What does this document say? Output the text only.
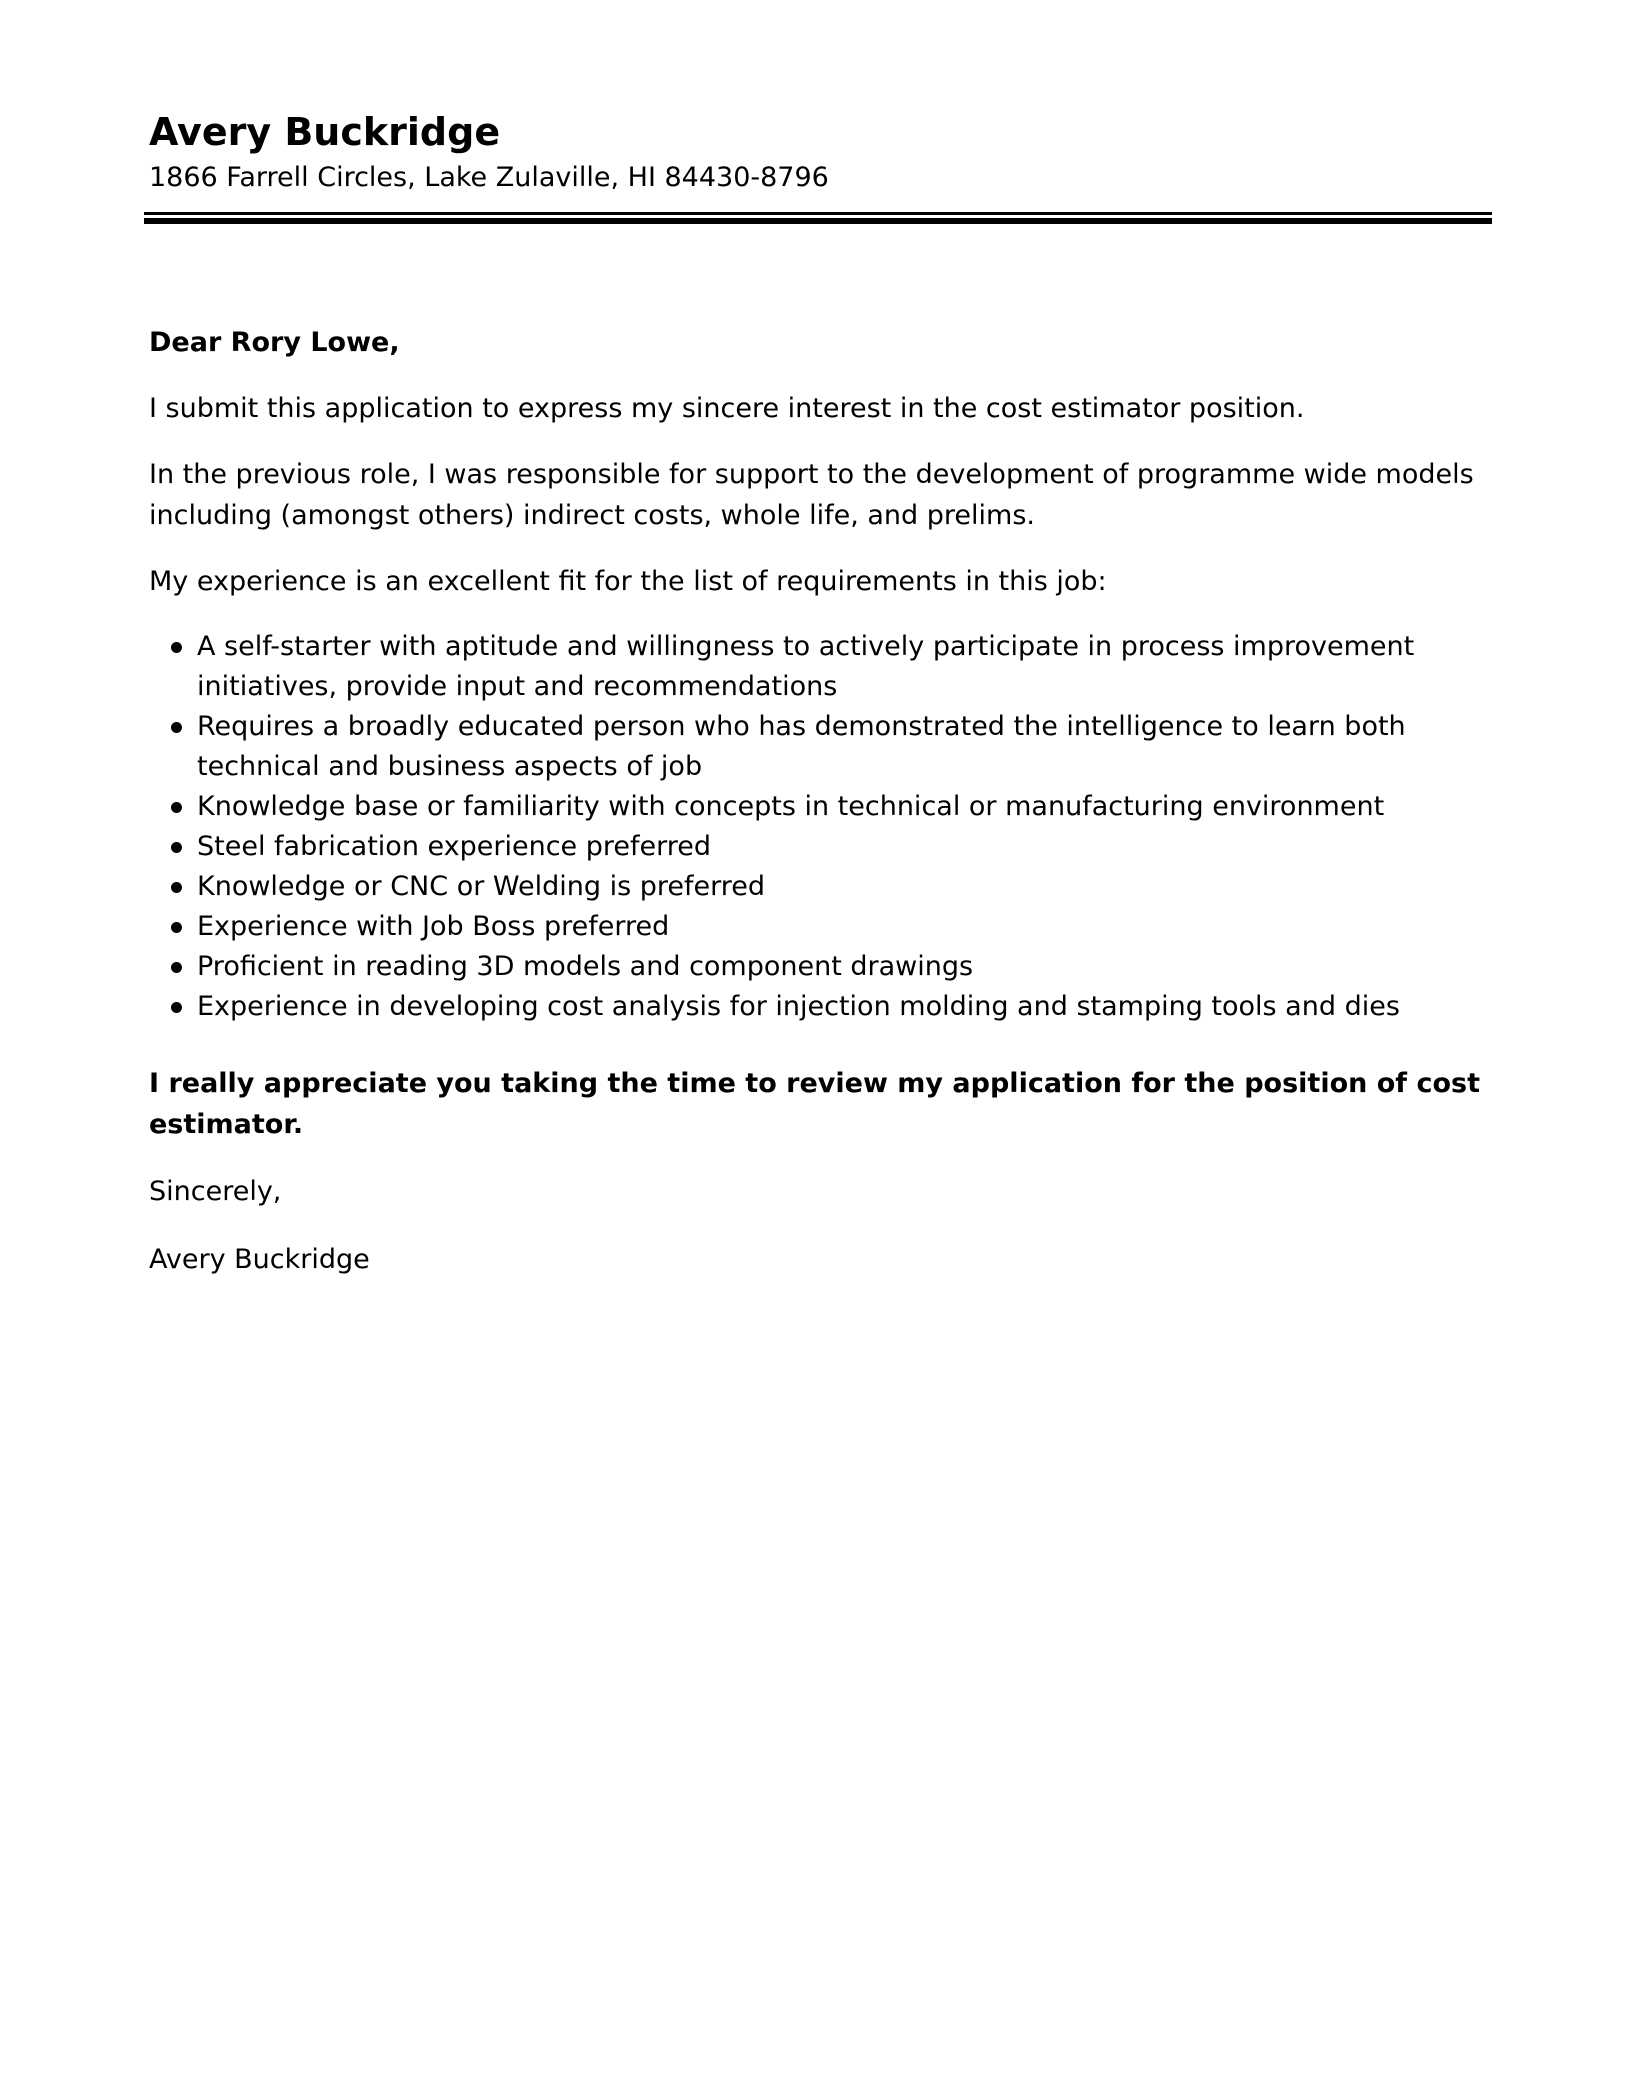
Avery Buckridge

1866 Farrell Circles, Lake Zulaville, HI 84430-8796

Dear Rory Lowe,

I submit this application to express my sincere interest in the cost estimator position.

In the previous role, I was responsible for support to the development of programme wide models including (amongst others) indirect costs, whole life, and prelims.

My experience is an excellent fit for the list of requirements in this job:

A self-starter with aptitude and willingness to actively participate in process improvement initiatives, provide input and recommendations
Requires a broadly educated person who has demonstrated the intelligence to learn both technical and business aspects of job
Knowledge base or familiarity with concepts in technical or manufacturing environment
Steel fabrication experience preferred
Knowledge or CNC or Welding is preferred
Experience with Job Boss preferred
Proficient in reading 3D models and component drawings
Experience in developing cost analysis for injection molding and stamping tools and dies

I really appreciate you taking the time to review my application for the position of cost estimator.

Sincerely,

Avery Buckridge
